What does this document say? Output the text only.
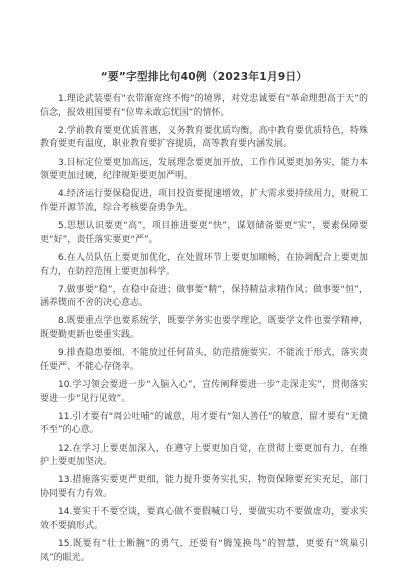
“要”字型排比句40例（2023年1月9日）

1.理论武装要有“衣带渐宽终不悔”的境界，对党忠诚要有“革命理想高于天”的信念，报效祖国要有“位卑未敢忘忧国”的情怀。

2.学前教育要更优质普惠，义务教育要优质均衡，高中教育要优质特色，特殊教育要更有温度，职业教育要扩容提质，高等教育要内涵发展。

3.目标定位要更加高远，发展理念要更加开放，工作作风要更加务实，能力本领要更加过硬，纪律规矩要更加严明。

4.经济运行要保稳促进，项目投资要提速增效，扩大需求要持续用力，财税工作要开源节流，综合考核要奋勇争先。

5.思想认识要更“高”，项目推进要更“快”，谋划储备要更“实”，要素保障要更“好”，责任落实要更“严”。

6.在人员队伍上要更加优化，在处置环节上要更加顺畅，在协调配合上要更加有力，在防控范围上要更加科学。

7.做事要“稳”，在稳中奋进；做事要“精”，保持精益求精作风；做事要“恒”，涵养锲而不舍的决心意志。

8.既要重点学也要系统学，既要学务实也要学理论，既要学文件也要学精神，既要勤更新也要重实践。

9.排查隐患要细、不能放过任何苗头，防范措施要实、不能流于形式，落实责任要严、不能心存侥幸。

10.学习领会要进一步“入脑入心”，宣传阐释要进一步“走深走实”，贯彻落实要进一步“见行见效”。

11.引才要有“周公吐哺”的诚意，用才要有“知人善任”的敏意，留才要有“无微不至”的心意。

12.在学习上要更加深入，在遵守上要更加自觉，在贯彻上要更加有力，在维护上要更加坚决。

13.措施落实要更严更细，能力提升要务实扎实，物资保障要充实充足，部门协同要有力有效。

14.要实干不要空谈，要真心做不要假喊口号，要做实功不要做虚功，要求实效不要搞形式。

15.既要有“壮士断腕”的勇气，还要有“腾笼换鸟”的智慧，更要有“筑巢引凤”的眼光。
